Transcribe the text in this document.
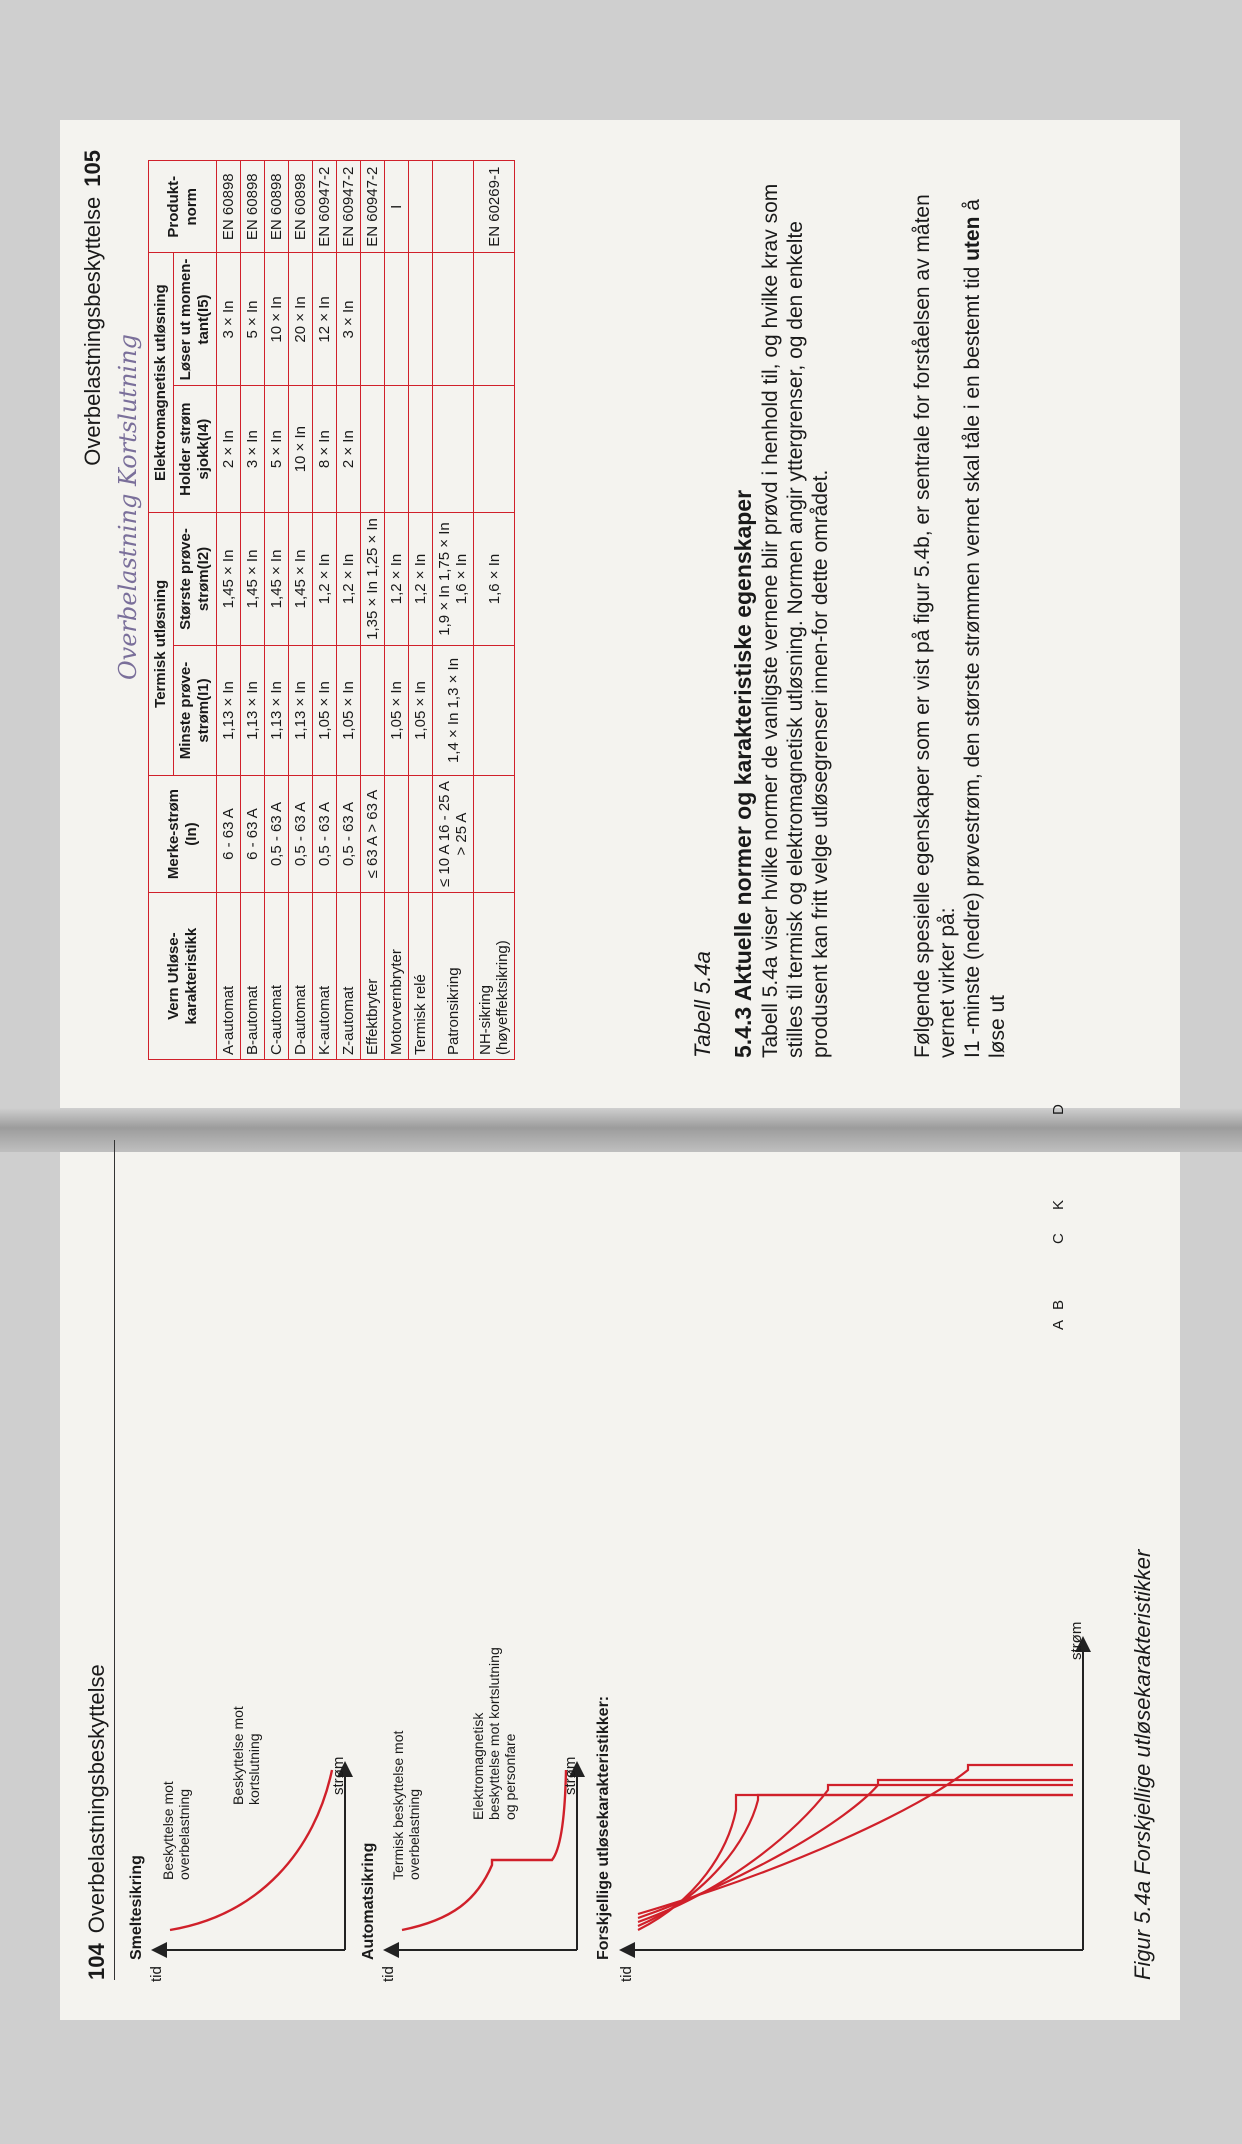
Overbelastningsbeskyttelse105
Overbelastning Kortslutning
Vern Utløse-karakteristikk	Merke-strøm (In)	Termisk utløsning		Elektromagnetisk utløsning		Produkt-norm
		Minste prøve-strøm(I1)	Største prøve-strøm(I2)	Holder strøm sjokk(I4)	Løser ut momen-tant(I5)	
A-automat	6 - 63 A	1,13 × In	1,45 × In	2 × In	3 × In	EN 60898
B-automat	6 - 63 A	1,13 × In	1,45 × In	3 × In	5 × In	EN 60898
C-automat	0,5 - 63 A	1,13 × In	1,45 × In	5 × In	10 × In	EN 60898
D-automat	0,5 - 63 A	1,13 × In	1,45 × In	10 × In	20 × In	EN 60898
K-automat	0,5 - 63 A	1,05 × In	1,2 × In	8 × In	12 × In	EN 60947-2
Z-automat	0,5 - 63 A	1,05 × In	1,2 × In	2 × In	3 × In	EN 60947-2
Effektbryter	≤ 63 A > 63 A		1,35 × In 1,25 × In			EN 60947-2
Motorvernbryter		1,05 × In	1,2 × In			I
Termisk relé		1,05 × In	1,2 × In			
Patronsikring	≤ 10 A 16 - 25 A > 25 A	1,4 × In 1,3 × In	1,9 × In 1,75 × In 1,6 × In			
NH-sikring (høyeffektsikring)			1,6 × In			EN 60269-1
Tabell 5.4a 5.4.3 Aktuelle normer og karakteristiske egenskaper Tabell 5.4a viser hvilke normer de vanligste vernene blir prøvd i henhold til, og hvilke krav som stilles til termisk og elektromagnetisk utløsning. Normen angir yttergrenser, og den enkelte produsent kan fritt velge utløsegrenser innen-for dette området.	Følgende spesielle egenskaper som er vist på figur 5.4b, er sentrale for forståelsen av måten vernet virker på:
I1 -minste (nedre) prøvestrøm, den største strømmen vernet skal tåle i en bestemt tid uten å løse ut

104Overbelastningsbeskyttelse Smeltesikring
tid
strøm
Beskyttelse mot overbelastning
Beskyttelse mot kortslutning
Automatsikring
tid
strøm
Termisk beskyttelse mot overbelastning
Elektromagnetisk beskyttelse mot kortslutning og personfare	Forskjellige utløsekarakteristikker:
tid
A
B
C
K
D
strøm Figur 5.4a Forskjellige utløsekarakteristikker
